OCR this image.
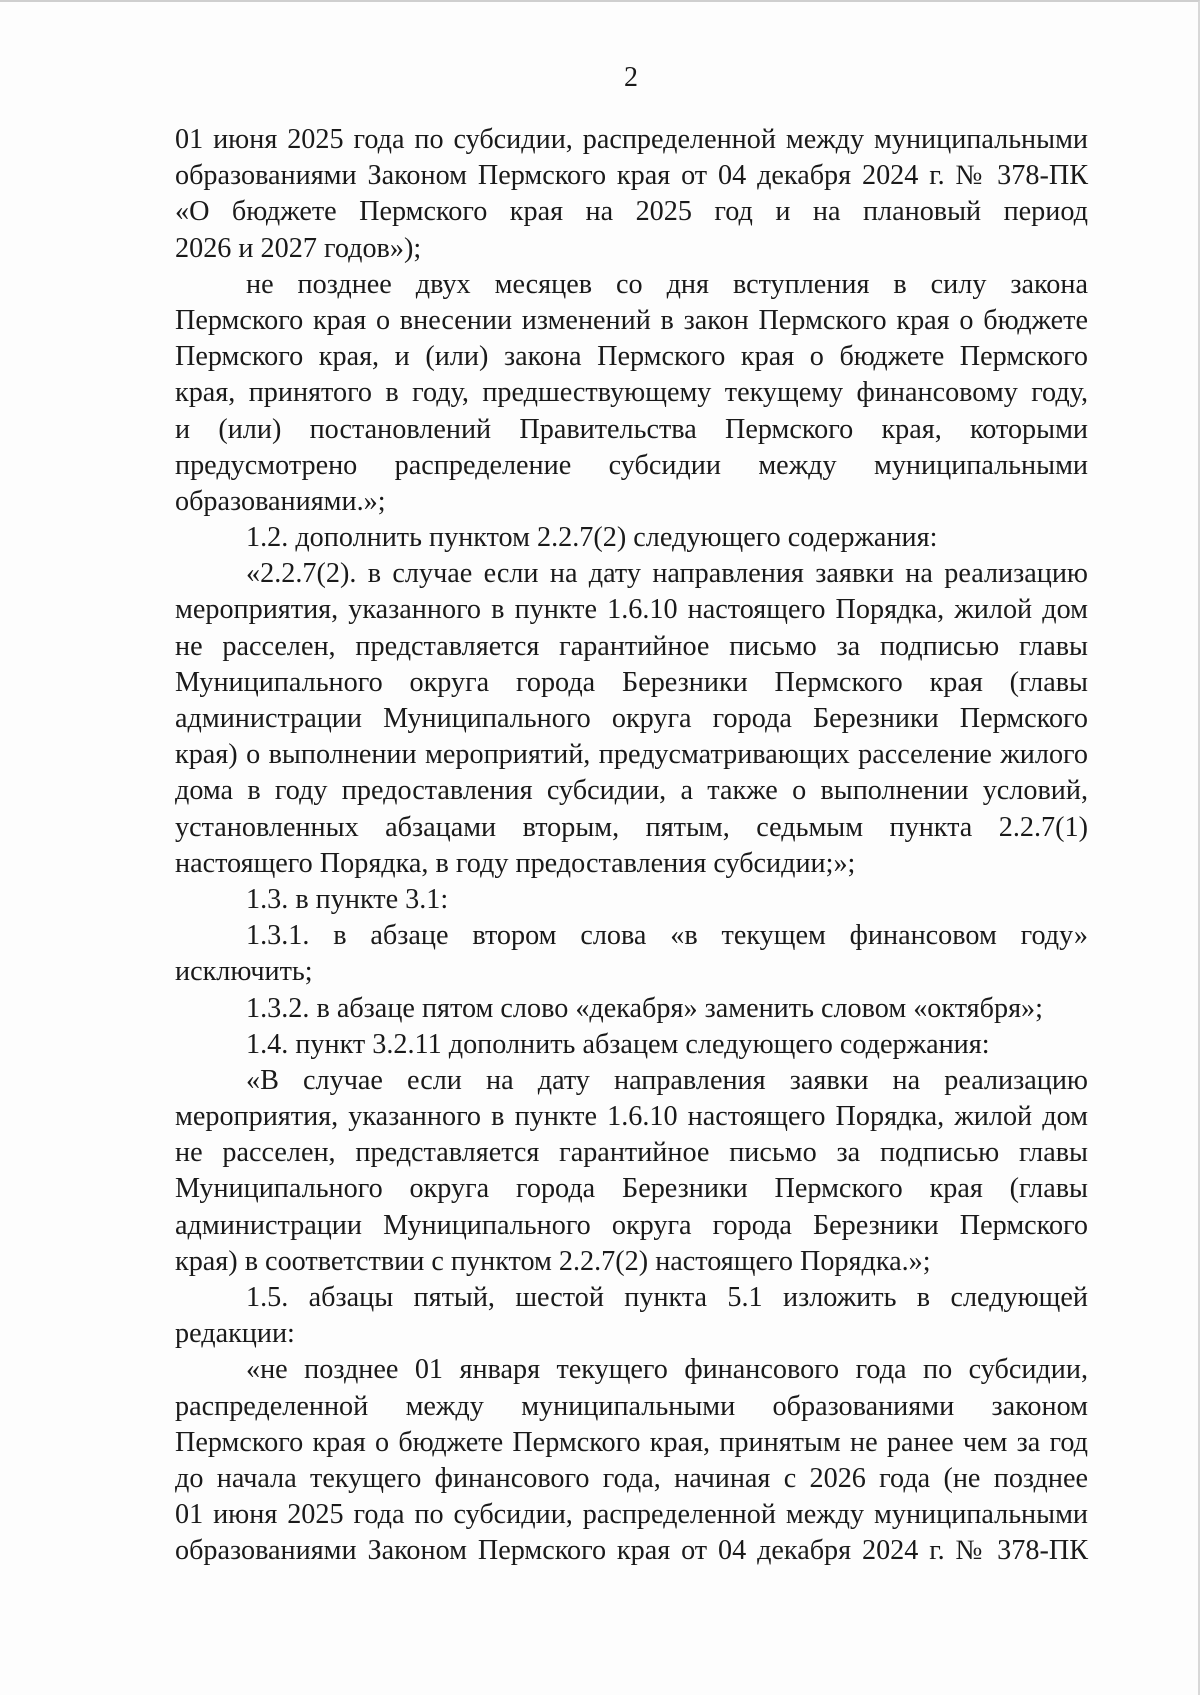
2
01 июня 2025 года по субсидии, распределенной между муниципальными
образованиями Законом Пермского края от 04 декабря 2024 г. № 378-ПК
«О бюджете Пермского края на 2025 год и на плановый период
2026 и 2027 годов»);
не позднее двух месяцев со дня вступления в силу закона
Пермского края о внесении изменений в закон Пермского края о бюджете
Пермского края, и (или) закона Пермского края о бюджете Пермского
края, принятого в году, предшествующему текущему финансовому году,
и (или) постановлений Правительства Пермского края, которыми
предусмотрено распределение субсидии между муниципальными
образованиями.»;
1.2. дополнить пунктом 2.2.7(2) следующего содержания:
«2.2.7(2). в случае если на дату направления заявки на реализацию
мероприятия, указанного в пункте 1.6.10 настоящего Порядка, жилой дом
не расселен, представляется гарантийное письмо за подписью главы
Муниципального округа города Березники Пермского края (главы
администрации Муниципального округа города Березники Пермского
края) о выполнении мероприятий, предусматривающих расселение жилого
дома в году предоставления субсидии, а также о выполнении условий,
установленных абзацами вторым, пятым, седьмым пункта 2.2.7(1)
настоящего Порядка, в году предоставления субсидии;»;
1.3. в пункте 3.1:
1.3.1. в абзаце втором слова «в текущем финансовом году»
исключить;
1.3.2. в абзаце пятом слово «декабря» заменить словом «октября»;
1.4. пункт 3.2.11 дополнить абзацем следующего содержания:
«В случае если на дату направления заявки на реализацию
мероприятия, указанного в пункте 1.6.10 настоящего Порядка, жилой дом
не расселен, представляется гарантийное письмо за подписью главы
Муниципального округа города Березники Пермского края (главы
администрации Муниципального округа города Березники Пермского
края) в соответствии с пунктом 2.2.7(2) настоящего Порядка.»;
1.5. абзацы пятый, шестой пункта 5.1 изложить в следующей
редакции:
«не позднее 01 января текущего финансового года по субсидии,
распределенной между муниципальными образованиями законом
Пермского края о бюджете Пермского края, принятым не ранее чем за год
до начала текущего финансового года, начиная с 2026 года (не позднее
01 июня 2025 года по субсидии, распределенной между муниципальными
образованиями Законом Пермского края от 04 декабря 2024 г. № 378-ПК
